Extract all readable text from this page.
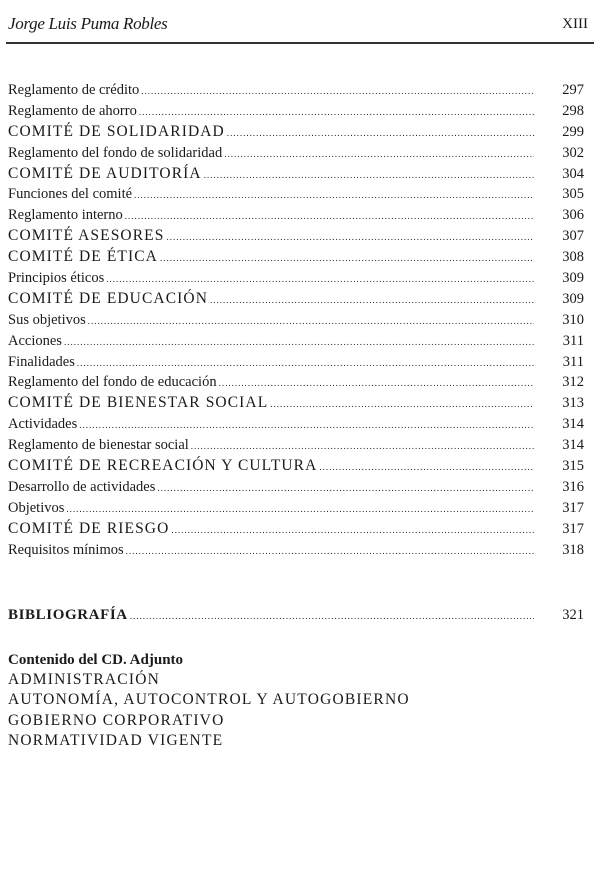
Jorge Luis Puma Robles	XIII
Reglamento de crédito .....	297
Reglamento de ahorro .....	298
COMITÉ DE SOLIDARIDAD .....	299
Reglamento del fondo de solidaridad .....	302
COMITÉ DE AUDITORÍA .....	304
Funciones del comité .....	305
Reglamento interno .....	306
COMITÉ ASESORES .....	307
COMITÉ DE ÉTICA .....	308
Principios éticos .....	309
COMITÉ DE EDUCACIÓN .....	309
Sus objetivos .....	310
Acciones .....	311
Finalidades .....	311
Reglamento del fondo de educación .....	312
COMITÉ DE BIENESTAR SOCIAL .....	313
Actividades .....	314
Reglamento de bienestar social .....	314
COMITÉ DE RECREACIÓN Y CULTURA .....	315
Desarrollo de actividades .....	316
Objetivos .....	317
COMITÉ DE RIESGO .....	317
Requisitos mínimos .....	318
BIBLIOGRAFÍA .....	321
Contenido del CD. Adjunto
ADMINISTRACIÓN
AUTONOMÍA, AUTOCONTROL Y AUTOGOBIERNO
GOBIERNO CORPORATIVO
NORMATIVIDAD VIGENTE
